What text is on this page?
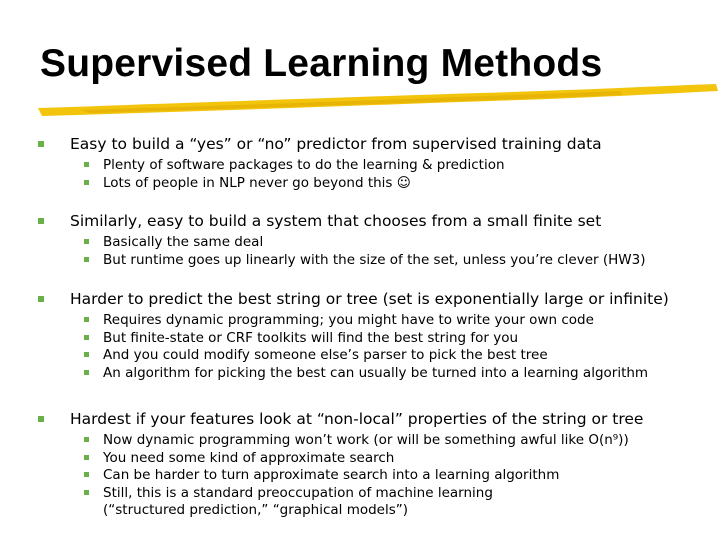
Supervised Learning Methods
Easy to build a “yes” or “no” predictor from supervised training data
Plenty of software packages to do the learning & prediction
Lots of people in NLP never go beyond this ☺
Similarly, easy to build a system that chooses from a small finite set
Basically the same deal
But runtime goes up linearly with the size of the set, unless you’re clever (HW3)
Harder to predict the best string or tree (set is exponentially large or infinite)
Requires dynamic programming; you might have to write your own code
But finite-state or CRF toolkits will find the best string for you
And you could modify someone else’s parser to pick the best tree
An algorithm for picking the best can usually be turned into a learning algorithm
Hardest if your features look at “non-local” properties of the string or tree
Now dynamic programming won’t work (or will be something awful like O(n⁹))
You need some kind of approximate search
Can be harder to turn approximate search into a learning algorithm
Still, this is a standard preoccupation of machine learning
(“structured prediction,” “graphical models”)
